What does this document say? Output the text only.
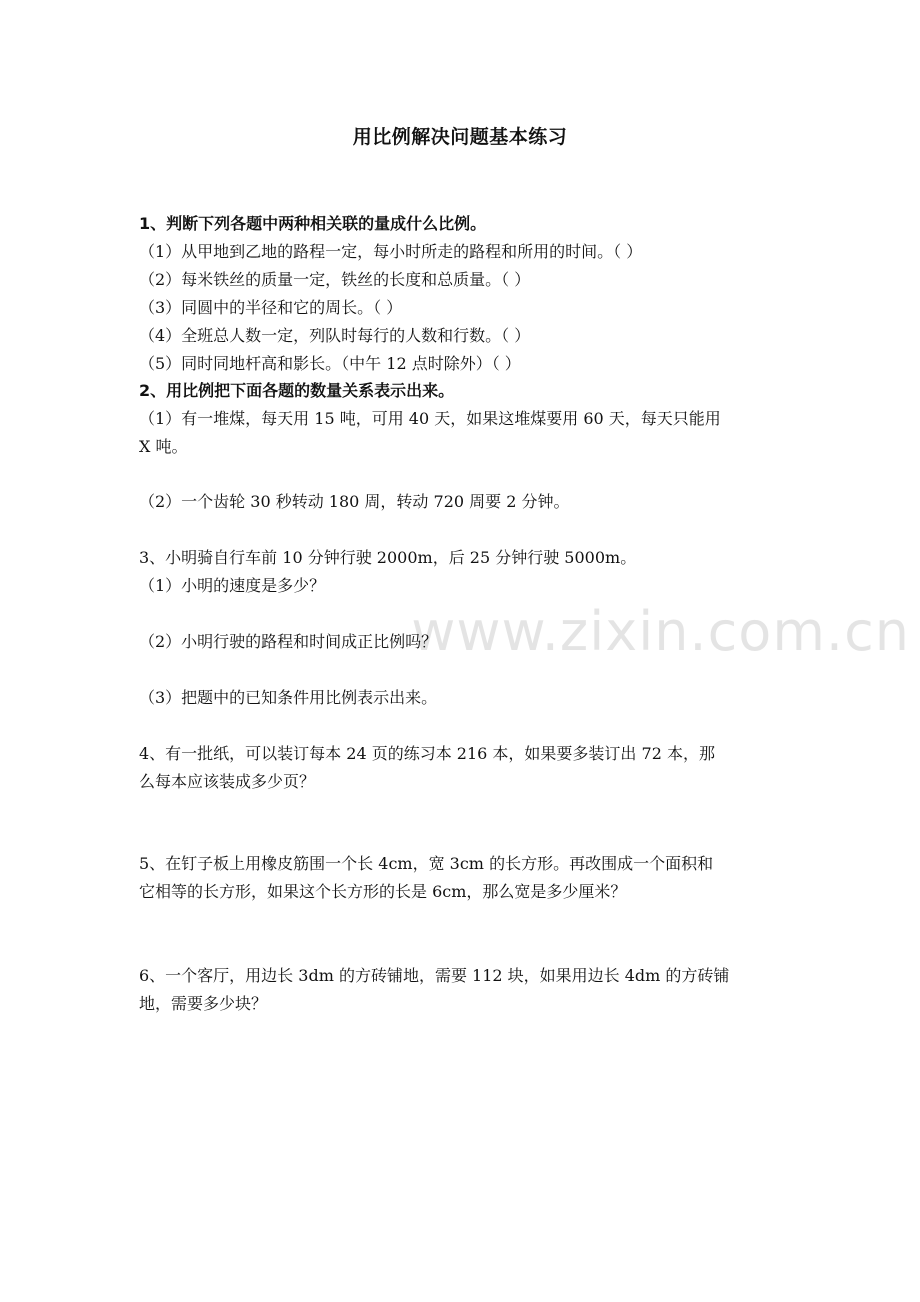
用比例解决问题基本练习
1、判断下列各题中两种相关联的量成什么比例。
（1）从甲地到乙地的路程一定，每小时所走的路程和所用的时间。（ ）
（2）每米铁丝的质量一定，铁丝的长度和总质量。（ ）
（3）同圆中的半径和它的周长。（ ）
（4）全班总人数一定，列队时每行的人数和行数。（ ）
（5）同时同地杆高和影长。（中午 12 点时除外）（ ）
2、用比例把下面各题的数量关系表示出来。
（1）有一堆煤，每天用 15 吨，可用 40 天，如果这堆煤要用 60 天，每天只能用
X 吨。
（2）一个齿轮 30 秒转动 180 周，转动 720 周要 2 分钟。
3、小明骑自行车前 10 分钟行驶 2000m，后 25 分钟行驶 5000m。
（1）小明的速度是多少？
（2）小明行驶的路程和时间成正比例吗？
（3）把题中的已知条件用比例表示出来。
4、有一批纸，可以装订每本 24 页的练习本 216 本，如果要多装订出 72 本，那
么每本应该装成多少页？
5、在钉子板上用橡皮筋围一个长 4cm，宽 3cm 的长方形。再改围成一个面积和
它相等的长方形，如果这个长方形的长是 6cm，那么宽是多少厘米？
6、一个客厅，用边长 3dm 的方砖铺地，需要 112 块，如果用边长 4dm 的方砖铺
地，需要多少块？
www.zixin.com.cn
